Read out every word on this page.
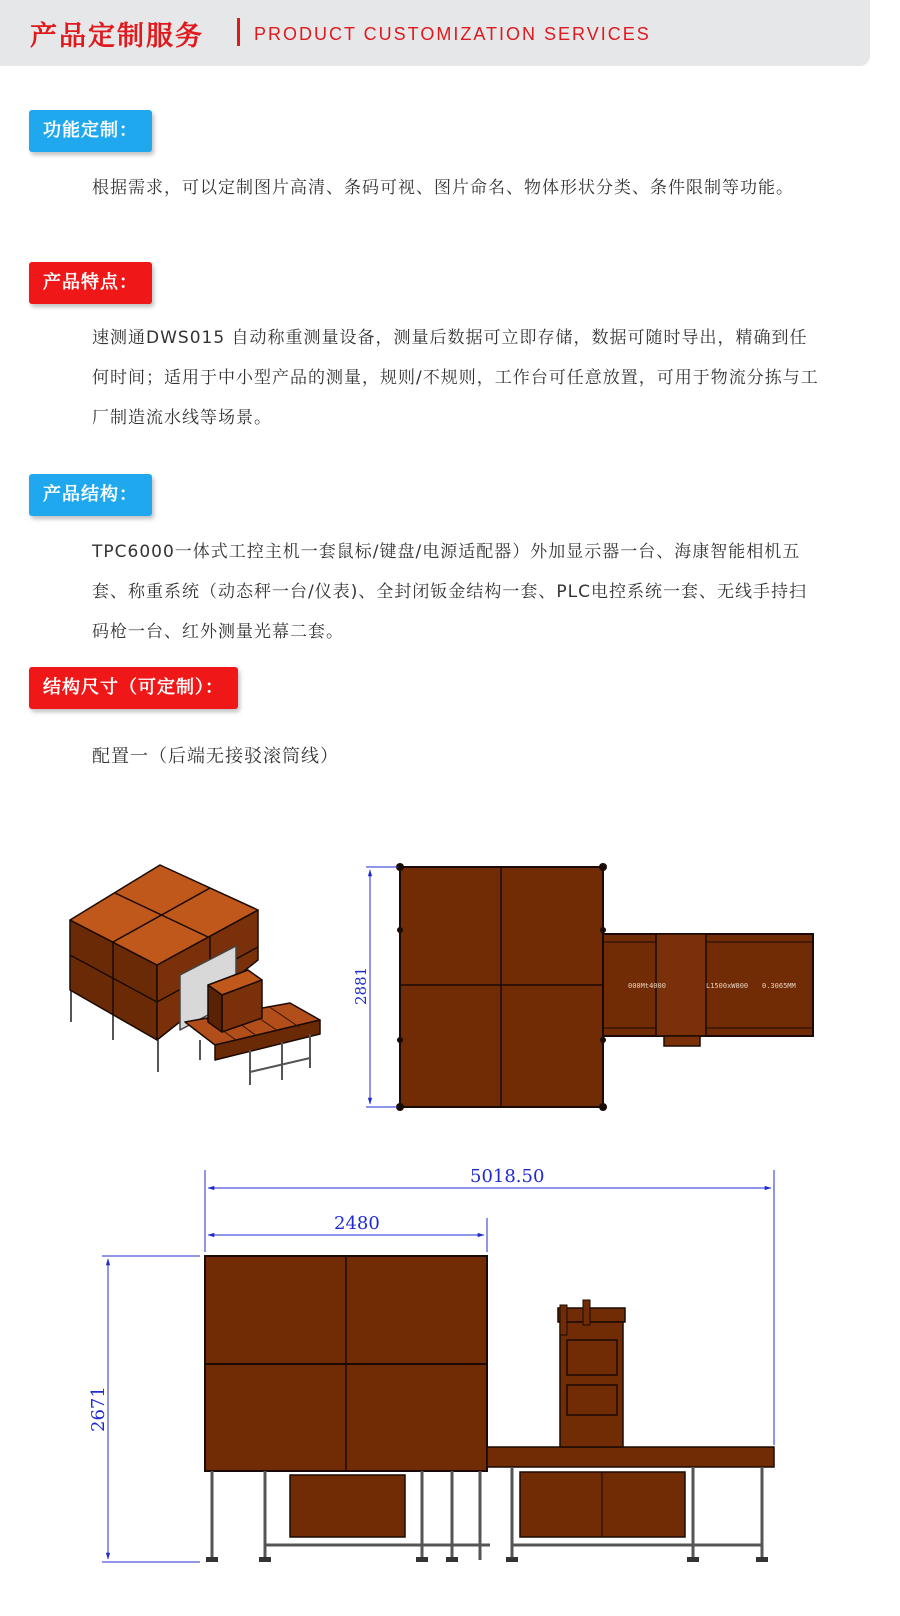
产品定制服务	PRODUCT CUSTOMIZATION SERVICES
功能定制：
根据需求，可以定制图片高清、条码可视、图片命名、物体形状分类、条件限制等功能。
产品特点：
速测通DWS015 自动称重测量设备，测量后数据可立即存储，数据可随时导出，精确到任何时间；适用于中小型产品的测量，规则/不规则，工作台可任意放置，可用于物流分拣与工厂制造流水线等场景。
产品结构：
TPC6000一体式工控主机一套鼠标/键盘/电源适配器）外加显示器一台、海康智能相机五套、称重系统（动态秤一台/仪表)、全封闭钣金结构一套、PLC电控系统一套、无线手持扫码枪一台、红外测量光幕二套。
结构尺寸（可定制）：
配置一（后端无接驳滚筒线）
000Mt4000	L1500xW800 0.3065MM
2881
5018.50
2480
2671
